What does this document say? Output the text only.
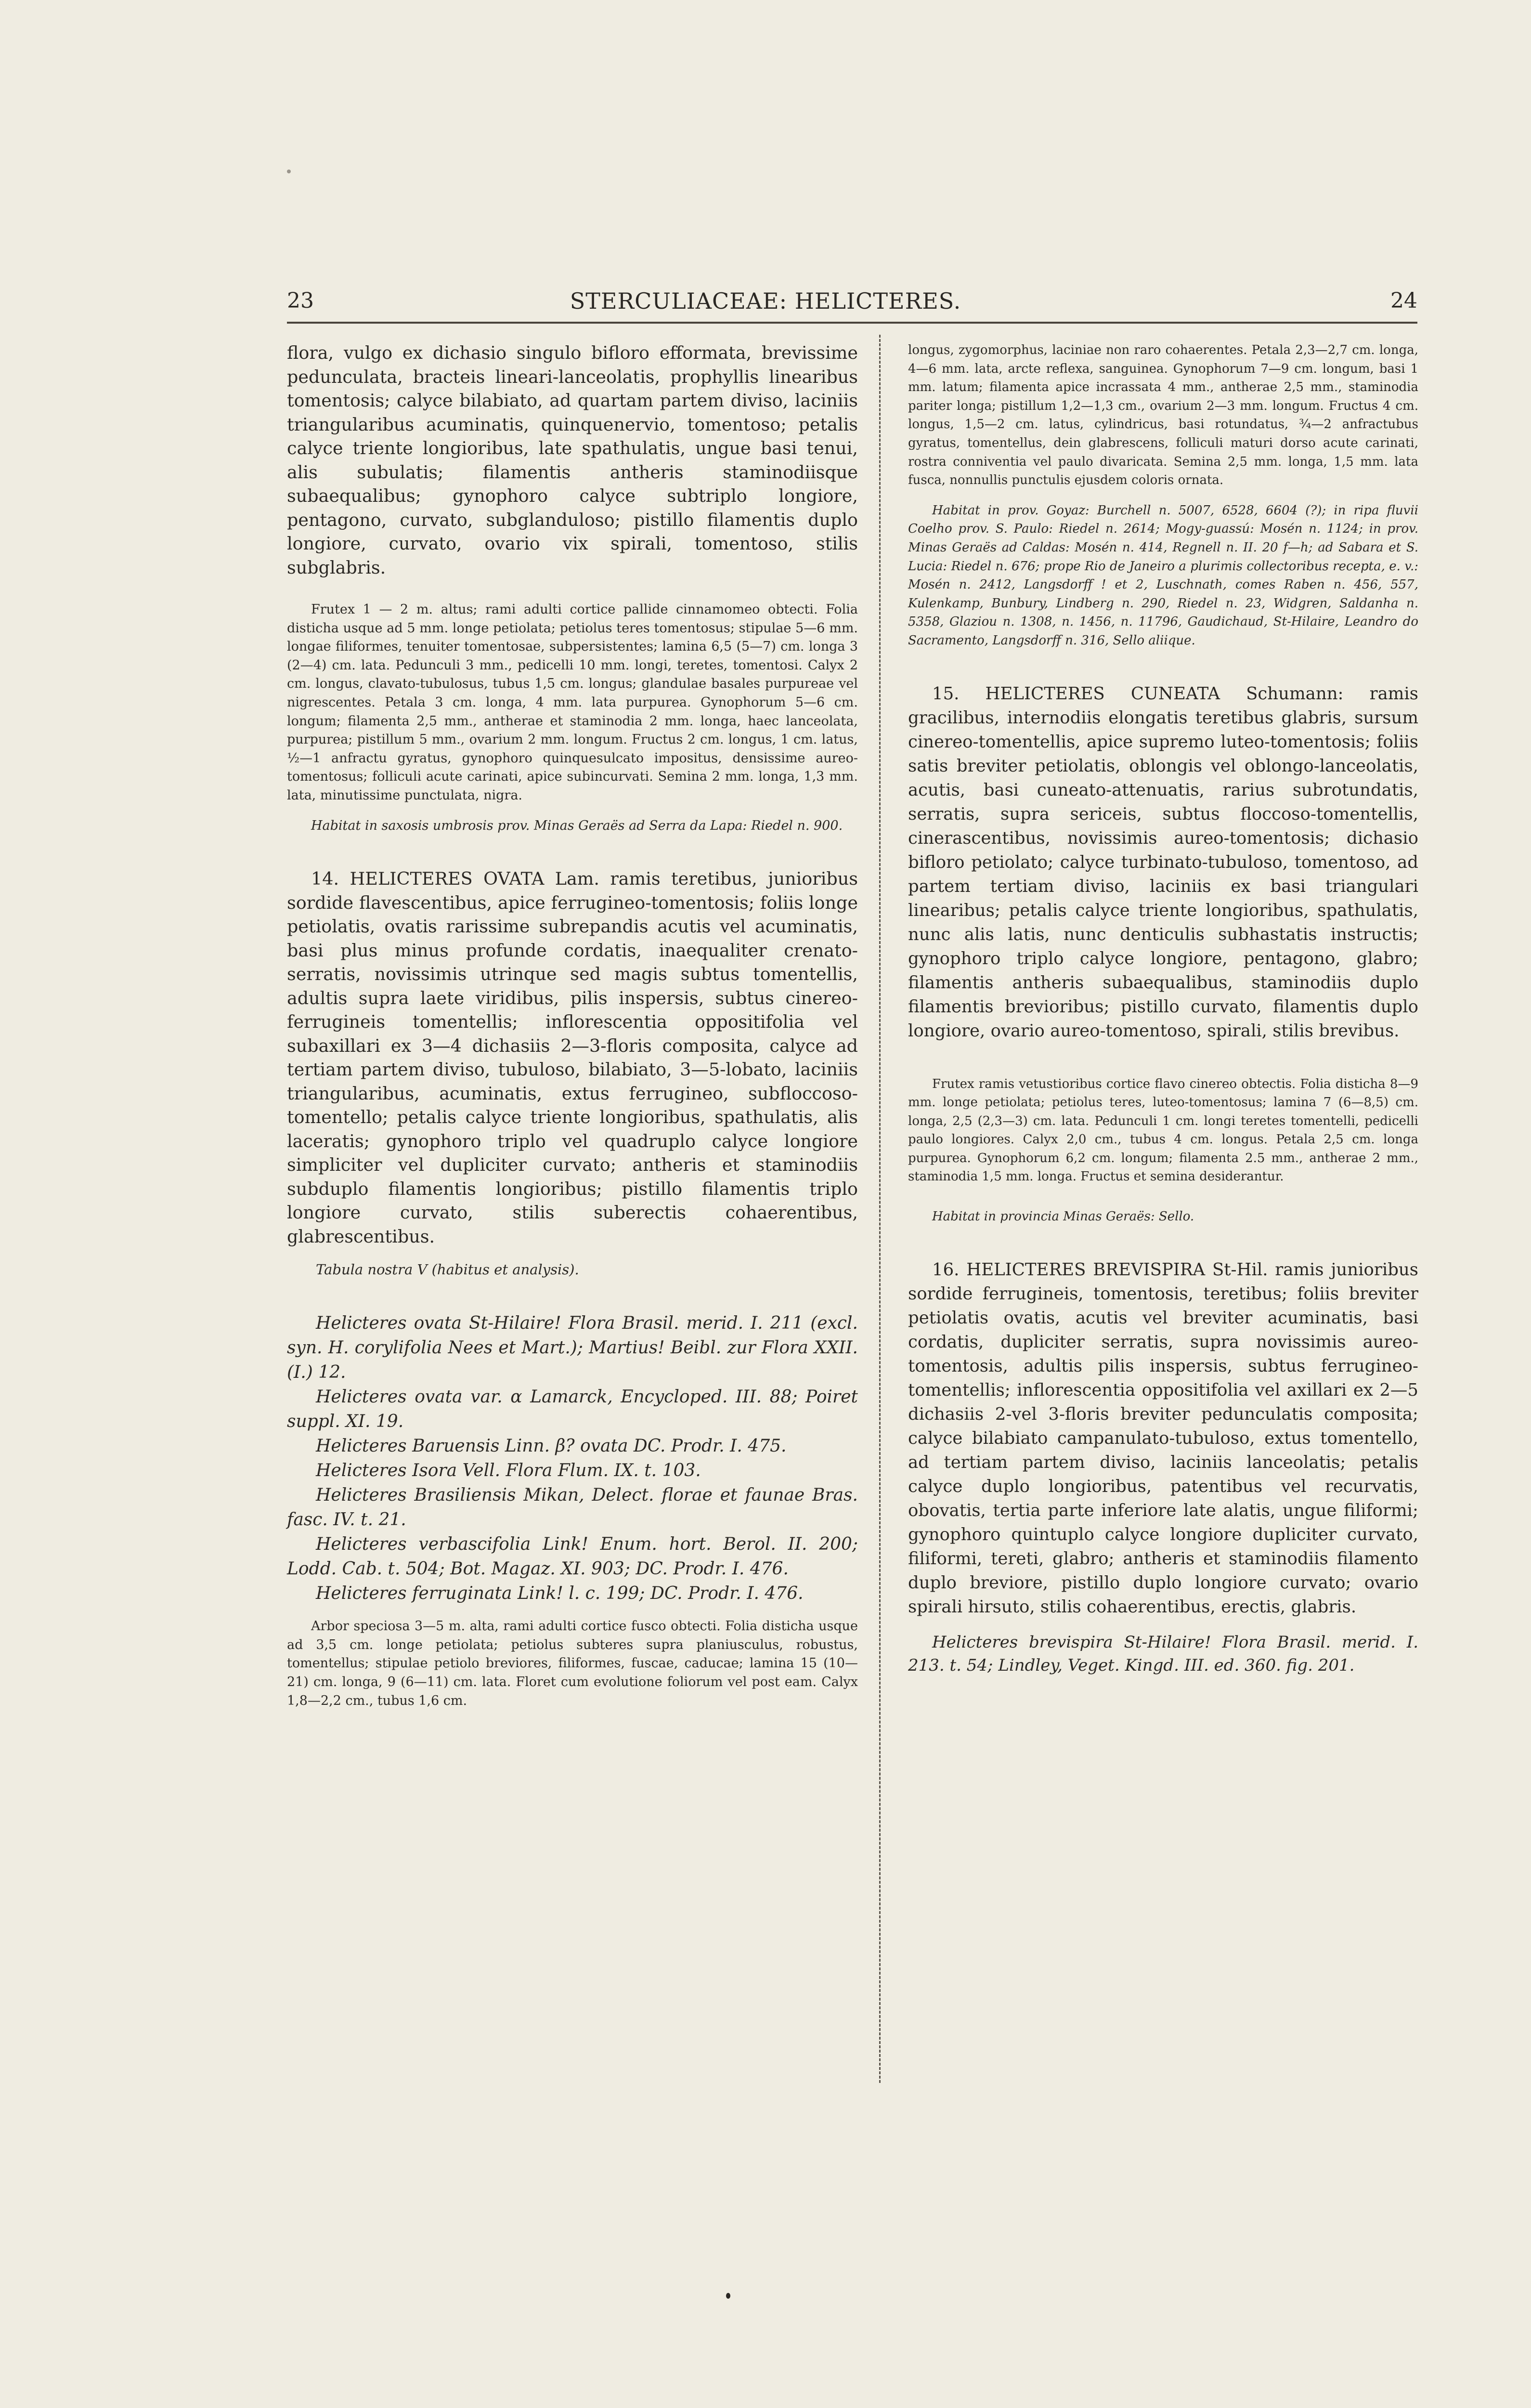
23	STERCULIACEAE: HELICTERES.	24

flora, vulgo ex dichasio singulo bifloro efformata, brevissime pedunculata, bracteis lineari-lanceolatis, prophyllis linearibus tomentosis; calyce bilabiato, ad quartam partem diviso, laciniis triangularibus acuminatis, quinquenervio, tomentoso; petalis calyce triente longioribus, late spathulatis, ungue basi tenui, alis subulatis; filamentis antheris staminodiisque subaequalibus; gynophoro calyce subtriplo longiore, pentagono, curvato, subglanduloso; pistillo filamentis duplo longiore, curvato, ovario vix spirali, tomentoso, stilis subglabris.

Frutex 1 — 2 m. altus; rami adulti cortice pallide cinnamomeo obtecti. Folia disticha usque ad 5 mm. longe petiolata; petiolus teres tomentosus; stipulae 5—6 mm. longae filiformes, tenuiter tomentosae, subpersistentes; lamina 6,5 (5—7) cm. longa 3 (2—4) cm. lata. Pedunculi 3 mm., pedicelli 10 mm. longi, teretes, tomentosi. Calyx 2 cm. longus, clavato-tubulosus, tubus 1,5 cm. longus; glandulae basales purpureae vel nigrescentes. Petala 3 cm. longa, 4 mm. lata purpurea. Gynophorum 5—6 cm. longum; filamenta 2,5 mm., antherae et staminodia 2 mm. longa, haec lanceolata, purpurea; pistillum 5 mm., ovarium 2 mm. longum. Fructus 2 cm. longus, 1 cm. latus, ½—1 anfractu gyratus, gynophoro quinquesulcato impositus, densissime aureo-tomentosus; folliculi acute carinati, apice subincurvati. Semina 2 mm. longa, 1,3 mm. lata, minutissime punctulata, nigra.

Habitat in saxosis umbrosis prov. Minas Geraës ad Serra da Lapa: Riedel n. 900.

14. HELICTERES OVATA Lam. ramis teretibus, junioribus sordide flavescentibus, apice ferrugineo-tomentosis; foliis longe petiolatis, ovatis rarissime subrepandis acutis vel acuminatis, basi plus minus profunde cordatis, inaequaliter crenato-serratis, novissimis utrinque sed magis subtus tomentellis, adultis supra laete viridibus, pilis inspersis, subtus cinereo-ferrugineis tomentellis; inflorescentia oppositifolia vel subaxillari ex 3—4 dichasiis 2—3-floris composita, calyce ad tertiam partem diviso, tubuloso, bilabiato, 3—5-lobato, laciniis triangularibus, acuminatis, extus ferrugineo, subfloccoso-tomentello; petalis calyce triente longioribus, spathulatis, alis laceratis; gynophoro triplo vel quadruplo calyce longiore simpliciter vel dupliciter curvato; antheris et staminodiis subduplo filamentis longioribus; pistillo filamentis triplo longiore curvato, stilis suberectis cohaerentibus, glabrescentibus.

Tabula nostra V (habitus et analysis).

Helicteres ovata St-Hilaire! Flora Brasil. merid. I. 211 (excl. syn. H. corylifolia Nees et Mart.); Martius! Beibl. zur Flora XXII. (I.) 12.

Helicteres ovata var. α Lamarck, Encycloped. III. 88; Poiret suppl. XI. 19.

Helicteres Baruensis Linn. β? ovata DC. Prodr. I. 475.

Helicteres Isora Vell. Flora Flum. IX. t. 103.

Helicteres Brasiliensis Mikan, Delect. florae et faunae Bras. fasc. IV. t. 21.

Helicteres verbascifolia Link! Enum. hort. Berol. II. 200; Lodd. Cab. t. 504; Bot. Magaz. XI. 903; DC. Prodr. I. 476.

Helicteres ferruginata Link! l. c. 199; DC. Prodr. I. 476.

Arbor speciosa 3—5 m. alta, rami adulti cortice fusco obtecti. Folia disticha usque ad 3,5 cm. longe petiolata; petiolus subteres supra planiusculus, robustus, tomentellus; stipulae petiolo breviores, filiformes, fuscae, caducae; lamina 15 (10—21) cm. longa, 9 (6—11) cm. lata. Floret cum evolutione foliorum vel post eam. Calyx 1,8—2,2 cm., tubus 1,6 cm.

longus, zygomorphus, laciniae non raro cohaerentes. Petala 2,3—2,7 cm. longa, 4—6 mm. lata, arcte reflexa, sanguinea. Gynophorum 7—9 cm. longum, basi 1 mm. latum; filamenta apice incrassata 4 mm., antherae 2,5 mm., staminodia pariter longa; pistillum 1,2—1,3 cm., ovarium 2—3 mm. longum. Fructus 4 cm. longus, 1,5—2 cm. latus, cylindricus, basi rotundatus, ¾—2 anfractubus gyratus, tomentellus, dein glabrescens, folliculi maturi dorso acute carinati, rostra conniventia vel paulo divaricata. Semina 2,5 mm. longa, 1,5 mm. lata fusca, nonnullis punctulis ejusdem coloris ornata.

Habitat in prov. Goyaz: Burchell n. 5007, 6528, 6604 (?); in ripa fluvii Coelho prov. S. Paulo: Riedel n. 2614; Mogy-guassú: Mosén n. 1124; in prov. Minas Geraës ad Caldas: Mosén n. 414, Regnell n. II. 20 f—h; ad Sabara et S. Lucia: Riedel n. 676; prope Rio de Janeiro a plurimis collectoribus recepta, e. v.: Mosén n. 2412, Langsdorff ! et 2, Luschnath, comes Raben n. 456, 557, Kulenkamp, Bunbury, Lindberg n. 290, Riedel n. 23, Widgren, Saldanha n. 5358, Glaziou n. 1308, n. 1456, n. 11796, Gaudichaud, St-Hilaire, Leandro do Sacramento, Langsdorff n. 316, Sello aliique.

15. HELICTERES CUNEATA Schumann: ramis gracilibus, internodiis elongatis teretibus glabris, sursum cinereo-tomentellis, apice supremo luteo-tomentosis; foliis satis breviter petiolatis, oblongis vel oblongo-lanceolatis, acutis, basi cuneato-attenuatis, rarius subrotundatis, serratis, supra sericeis, subtus floccoso-tomentellis, cinerascentibus, novissimis aureo-tomentosis; dichasio bifloro petiolato; calyce turbinato-tubuloso, tomentoso, ad partem tertiam diviso, laciniis ex basi triangulari linearibus; petalis calyce triente longioribus, spathulatis, nunc alis latis, nunc denticulis subhastatis instructis; gynophoro triplo calyce longiore, pentagono, glabro; filamentis antheris subaequalibus, staminodiis duplo filamentis brevioribus; pistillo curvato, filamentis duplo longiore, ovario aureo-tomentoso, spirali, stilis brevibus.

Frutex ramis vetustioribus cortice flavo cinereo obtectis. Folia disticha 8—9 mm. longe petiolata; petiolus teres, luteo-tomentosus; lamina 7 (6—8,5) cm. longa, 2,5 (2,3—3) cm. lata. Pedunculi 1 cm. longi teretes tomentelli, pedicelli paulo longiores. Calyx 2,0 cm., tubus 4 cm. longus. Petala 2,5 cm. longa purpurea. Gynophorum 6,2 cm. longum; filamenta 2.5 mm., antherae 2 mm., staminodia 1,5 mm. longa. Fructus et semina desiderantur.

Habitat in provincia Minas Geraës: Sello.

16. HELICTERES BREVISPIRA St-Hil. ramis junioribus sordide ferrugineis, tomentosis, teretibus; foliis breviter petiolatis ovatis, acutis vel breviter acuminatis, basi cordatis, dupliciter serratis, supra novissimis aureo-tomentosis, adultis pilis inspersis, subtus ferrugineo-tomentellis; inflorescentia oppositifolia vel axillari ex 2—5 dichasiis 2-vel 3-floris breviter pedunculatis composita; calyce bilabiato campanulato-tubuloso, extus tomentello, ad tertiam partem diviso, laciniis lanceolatis; petalis calyce duplo longioribus, patentibus vel recurvatis, obovatis, tertia parte inferiore late alatis, ungue filiformi; gynophoro quintuplo calyce longiore dupliciter curvato, filiformi, tereti, glabro; antheris et staminodiis filamento duplo breviore, pistillo duplo longiore curvato; ovario spirali hirsuto, stilis cohaerentibus, erectis, glabris.

Helicteres brevispira St-Hilaire! Flora Brasil. merid. I. 213. t. 54; Lindley, Veget. Kingd. III. ed. 360. fig. 201.
